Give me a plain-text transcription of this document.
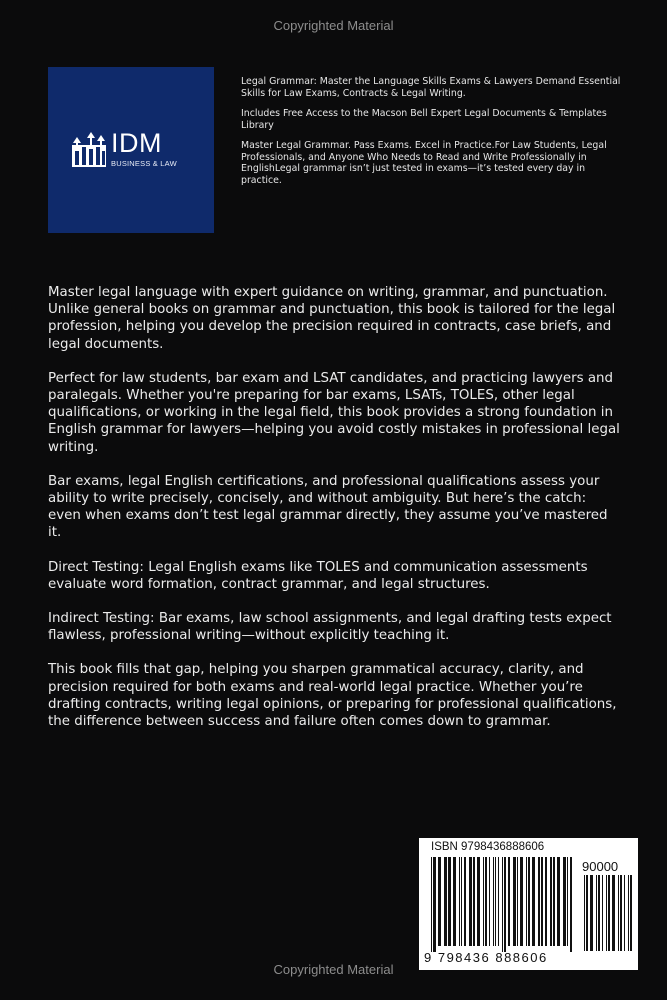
Copyrighted Material
IDM
BUSINESS & LAW

Legal Grammar: Master the Language Skills Exams & Lawyers Demand Essential Skills for Law Exams, Contracts & Legal Writing.

Includes Free Access to the Macson Bell Expert Legal Documents & Templates Library

Master Legal Grammar. Pass Exams. Excel in Practice.For Law Students, Legal Professionals, and Anyone Who Needs to Read and Write Professionally in EnglishLegal grammar isn’t just tested in exams—it’s tested every day in practice.

Master legal language with expert guidance on writing, grammar, and punctuation. Unlike general books on grammar and punctuation, this book is tailored for the legal profession, helping you develop the precision required in contracts, case briefs, and legal documents.

Perfect for law students, bar exam and LSAT candidates, and practicing lawyers and paralegals. Whether you're preparing for bar exams, LSATs, TOLES, other legal qualifications, or working in the legal field, this book provides a strong foundation in English grammar for lawyers—helping you avoid costly mistakes in professional legal writing.

Bar exams, legal English certifications, and professional qualifications assess your ability to write precisely, concisely, and without ambiguity. But here’s the catch: even when exams don’t test legal grammar directly, they assume you’ve mastered it.

Direct Testing: Legal English exams like TOLES and communication assessments evaluate word formation, contract grammar, and legal structures.

Indirect Testing: Bar exams, law school assignments, and legal drafting tests expect flawless, professional writing—without explicitly teaching it.

This book fills that gap, helping you sharpen grammatical accuracy, clarity, and precision required for both exams and real-world legal practice. Whether you’re drafting contracts, writing legal opinions, or preparing for professional qualifications, the difference between success and failure often comes down to grammar.

ISBN 9798436888606
90000
9 798436 888606
Copyrighted Material
